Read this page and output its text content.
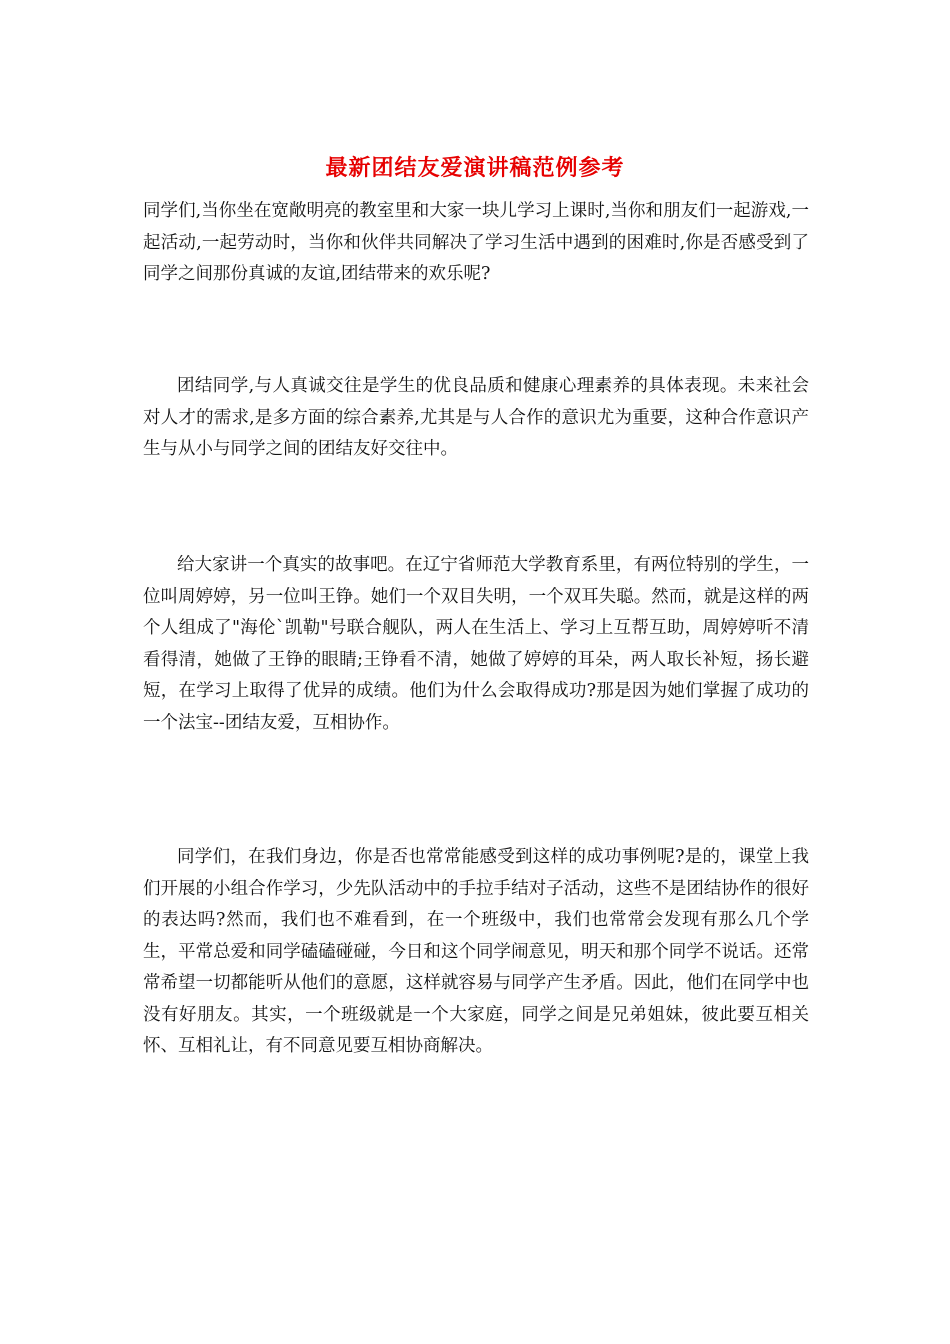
最新团结友爱演讲稿范例参考

同学们,当你坐在宽敞明亮的教室里和大家一块儿学习上课时,当你和朋友们一起游戏,一起活动,一起劳动时，当你和伙伴共同解决了学习生活中遇到的困难时,你是否感受到了同学之间那份真诚的友谊,团结带来的欢乐呢?

团结同学,与人真诚交往是学生的优良品质和健康心理素养的具体表现。未来社会对人才的需求,是多方面的综合素养,尤其是与人合作的意识尤为重要，这种合作意识产生与从小与同学之间的团结友好交往中。

给大家讲一个真实的故事吧。在辽宁省师范大学教育系里，有两位特别的学生，一位叫周婷婷，另一位叫王铮。她们一个双目失明，一个双耳失聪。然而，就是这样的两个人组成了"海伦`凯勒"号联合舰队，两人在生活上、学习上互帮互助，周婷婷听不清看得清，她做了王铮的眼睛;王铮看不清，她做了婷婷的耳朵，两人取长补短，扬长避短，在学习上取得了优异的成绩。他们为什么会取得成功?那是因为她们掌握了成功的一个法宝--团结友爱，互相协作。

同学们，在我们身边，你是否也常常能感受到这样的成功事例呢?是的，课堂上我们开展的小组合作学习，少先队活动中的手拉手结对子活动，这些不是团结协作的很好的表达吗?然而，我们也不难看到，在一个班级中，我们也常常会发现有那么几个学生，平常总爱和同学磕磕碰碰，今日和这个同学闹意见，明天和那个同学不说话。还常常希望一切都能听从他们的意愿，这样就容易与同学产生矛盾。因此，他们在同学中也没有好朋友。其实，一个班级就是一个大家庭，同学之间是兄弟姐妹，彼此要互相关怀、互相礼让，有不同意见要互相协商解决。
